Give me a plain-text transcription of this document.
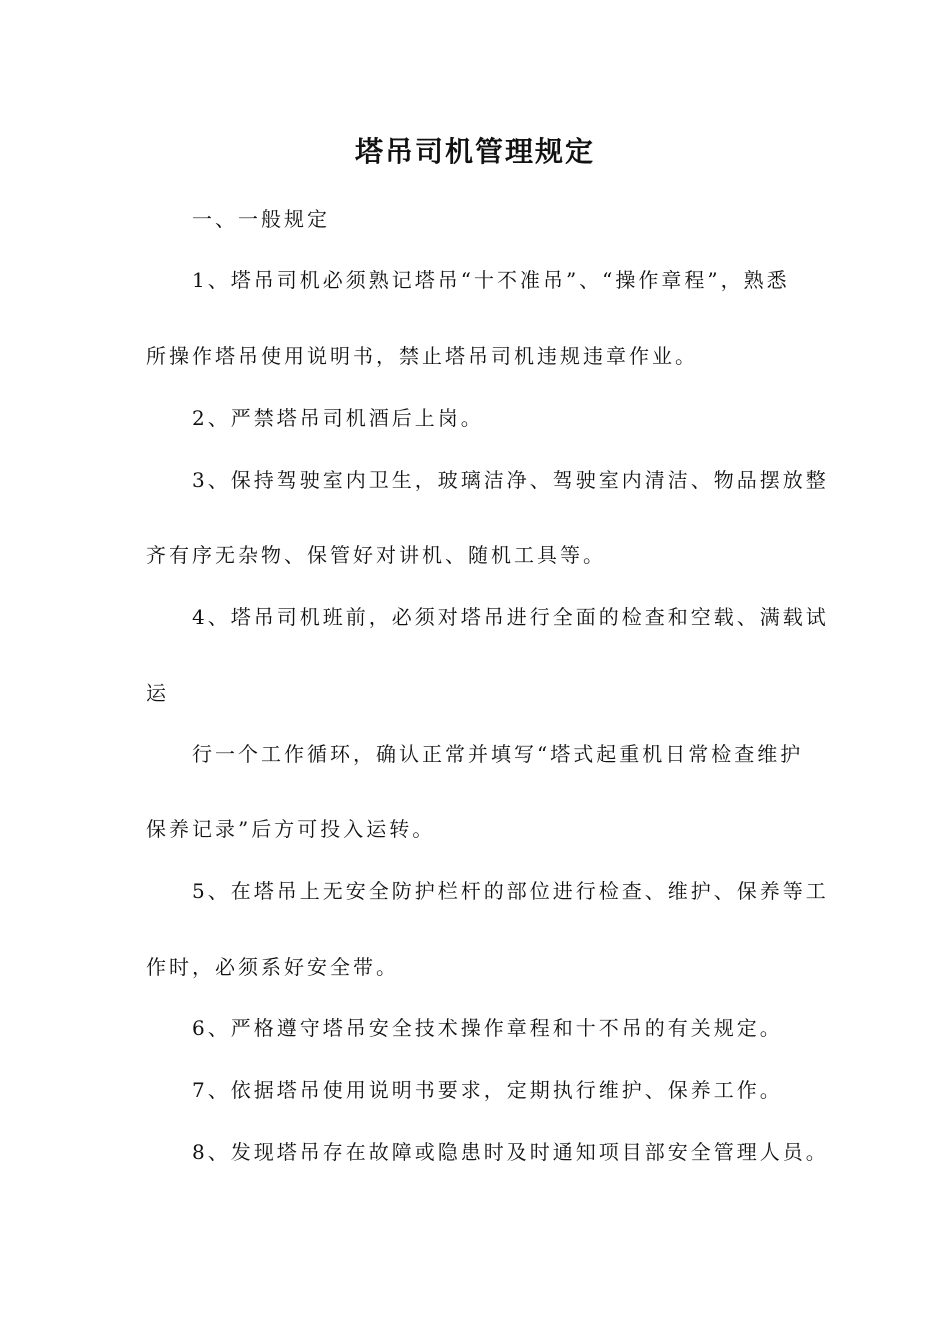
塔吊司机管理规定
一、一般规定
1、塔吊司机必须熟记塔吊“十不准吊”、“操作章程”，熟悉
所操作塔吊使用说明书，禁止塔吊司机违规违章作业。
2、严禁塔吊司机酒后上岗。
3、保持驾驶室内卫生，玻璃洁净、驾驶室内清洁、物品摆放整
齐有序无杂物、保管好对讲机、随机工具等。
4、塔吊司机班前，必须对塔吊进行全面的检查和空载、满载试
运
行一个工作循环，确认正常并填写“塔式起重机日常检查维护
保养记录”后方可投入运转。
5、在塔吊上无安全防护栏杆的部位进行检查、维护、保养等工
作时，必须系好安全带。
6、严格遵守塔吊安全技术操作章程和十不吊的有关规定。
7、依据塔吊使用说明书要求，定期执行维护、保养工作。
8、发现塔吊存在故障或隐患时及时通知项目部安全管理人员。
